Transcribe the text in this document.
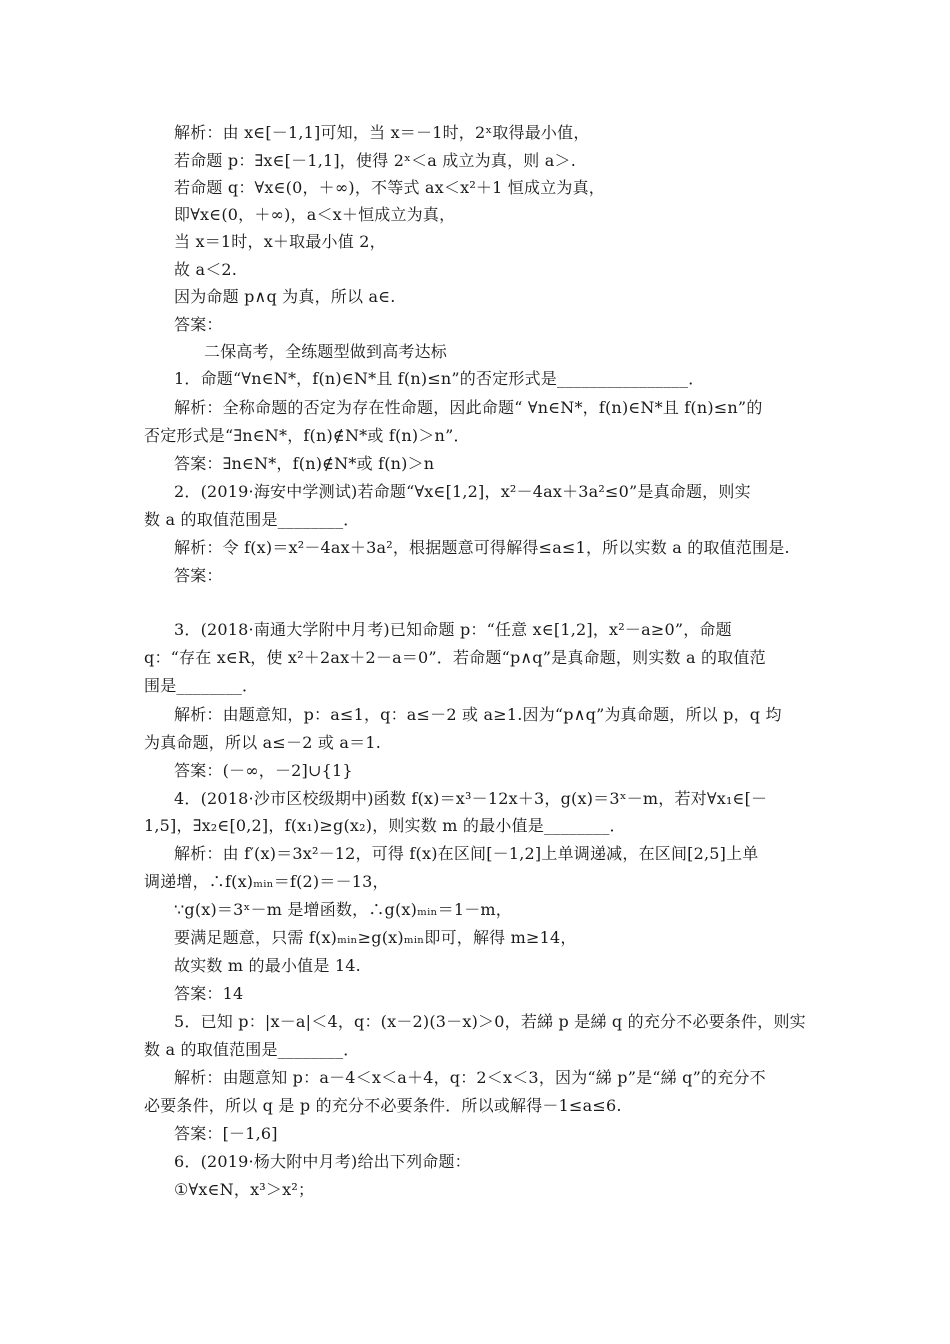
解析：由 x∈[－1,1]可知，当 x＝－1时，2ˣ取得最小值，
若命题 p：∃x∈[－1,1]，使得 2ˣ＜a 成立为真，则 a＞.
若命题 q：∀x∈(0，＋∞)，不等式 ax＜x²＋1 恒成立为真，
即∀x∈(0，＋∞)，a＜x＋恒成立为真，
当 x＝1时，x＋取最小值 2，
故 a＜2.
因为命题 p∧q 为真，所以 a∈.
答案：
二保高考，全练题型做到高考达标
1．命题“∀n∈N*，f(n)∈N*且 f(n)≤n”的否定形式是________________．
解析：全称命题的否定为存在性命题，因此命题“ ∀n∈N*，f(n)∈N*且 f(n)≤n”的
否定形式是“∃n∈N*，f(n)∉N*或 f(n)＞n”．
答案：∃n∈N*，f(n)∉N*或 f(n)＞n
2．(2019·海安中学测试)若命题“∀x∈[1,2]，x²－4ax＋3a²≤0”是真命题，则实
数 a 的取值范围是________．
解析：令 f(x)＝x²－4ax＋3a²，根据题意可得解得≤a≤1，所以实数 a 的取值范围是.
答案：
3．(2018·南通大学附中月考)已知命题 p：“任意 x∈[1,2]，x²－a≥0”，命题
q：“存在 x∈R，使 x²＋2ax＋2－a＝0”．若命题“p∧q”是真命题，则实数 a 的取值范
围是________．
解析：由题意知，p：a≤1，q：a≤－2 或 a≥1.因为“p∧q”为真命题，所以 p，q 均
为真命题，所以 a≤－2 或 a＝1.
答案：(－∞，－2]∪{1}
4．(2018·沙市区校级期中)函数 f(x)＝x³－12x＋3，g(x)＝3ˣ－m，若对∀x₁∈[－
1,5]，∃x₂∈[0,2]，f(x₁)≥g(x₂)，则实数 m 的最小值是________．
解析：由 f′(x)＝3x²－12，可得 f(x)在区间[－1,2]上单调递减，在区间[2,5]上单
调递增，∴f(x)ₘᵢₙ＝f(2)＝－13，
∵g(x)＝3ˣ－m 是增函数，∴g(x)ₘᵢₙ＝1－m，
要满足题意，只需 f(x)ₘᵢₙ≥g(x)ₘᵢₙ即可，解得 m≥14，
故实数 m 的最小值是 14.
答案：14
5．已知 p：|x－a|＜4，q：(x－2)(3－x)＞0，若綈 p 是綈 q 的充分不必要条件，则实
数 a 的取值范围是________．
解析：由题意知 p：a－4＜x＜a＋4，q：2＜x＜3，因为“綈 p”是“綈 q”的充分不
必要条件，所以 q 是 p 的充分不必要条件．所以或解得－1≤a≤6.
答案：[－1,6]
6．(2019·杨大附中月考)给出下列命题：
①∀x∈N，x³＞x²；
